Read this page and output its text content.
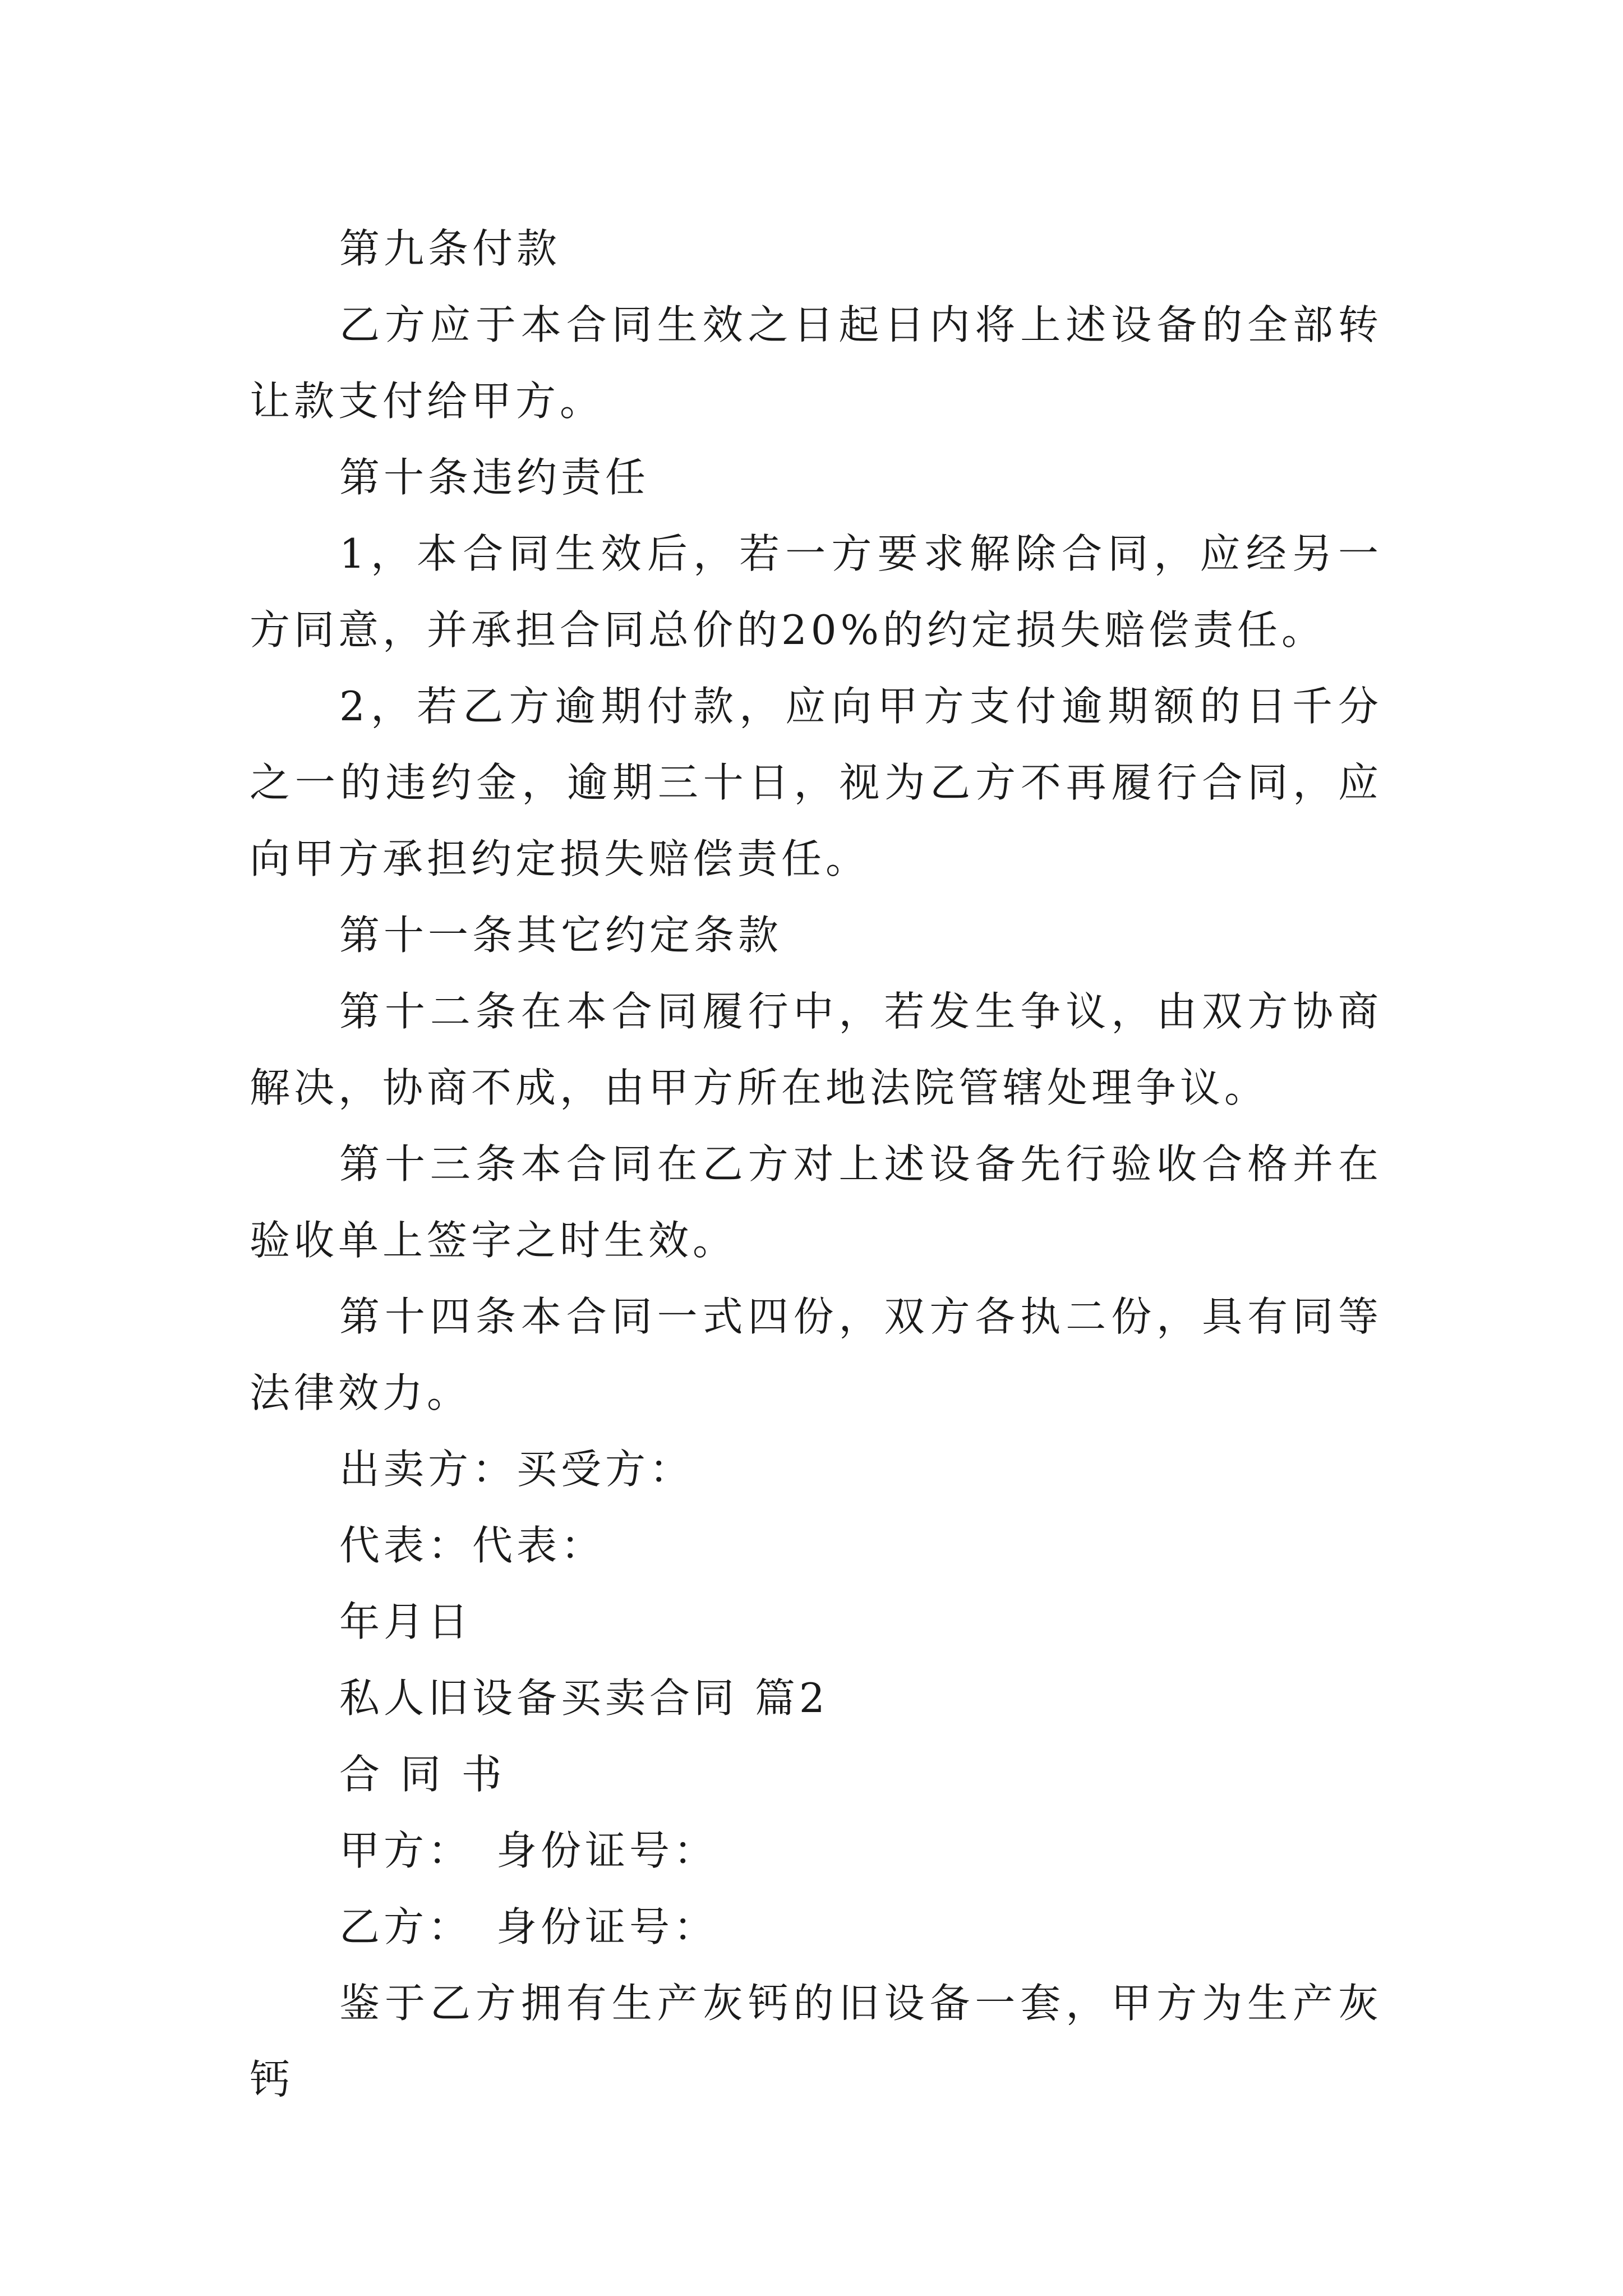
第九条付款

乙方应于本合同生效之日起日内将上述设备的全部转让款支付给甲方。

第十条违约责任

1，本合同生效后，若一方要求解除合同，应经另一方同意，并承担合同总价的20%的约定损失赔偿责任。

2，若乙方逾期付款，应向甲方支付逾期额的日千分之一的违约金，逾期三十日，视为乙方不再履行合同，应向甲方承担约定损失赔偿责任。

第十一条其它约定条款

第十二条在本合同履行中，若发生争议，由双方协商解决，协商不成，由甲方所在地法院管辖处理争议。

第十三条本合同在乙方对上述设备先行验收合格并在验收单上签字之时生效。

第十四条本合同一式四份，双方各执二份，具有同等法律效力。

出卖方：买受方：

代表：代表：

年月日

私人旧设备买卖合同 篇2

合 同 书

甲方：　身份证号：

乙方：　身份证号：

鉴于乙方拥有生产灰钙的旧设备一套，甲方为生产灰钙
